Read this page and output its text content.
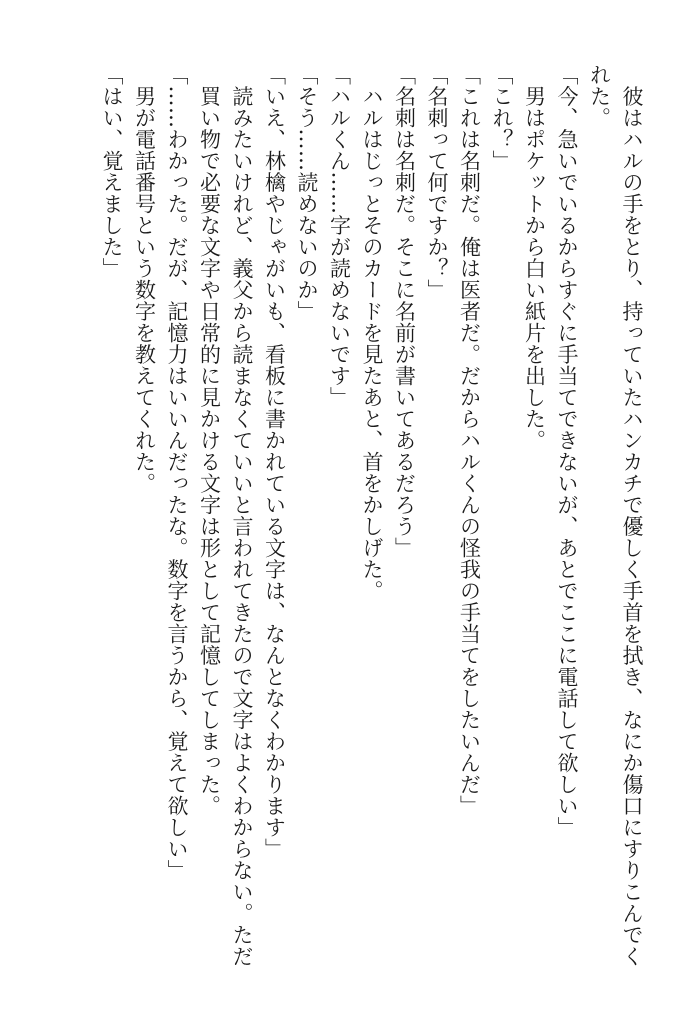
　彼はハルの手をとり、持っていたハンカチで優しく手首を拭き、なにか傷口にすりこんでく
れた。
「今、急いでいるからすぐに手当てできないが、あとでここに電話して欲しい」
　男はポケットから白い紙片を出した。
「これ？」
「これは名刺だ。俺は医者だ。だからハルくんの怪我の手当てをしたいんだ」
「名刺って何ですか？」
「名刺は名刺だ。そこに名前が書いてあるだろう」
　ハルはじっとそのカードを見たあと、首をかしげた。
「ハルくん……字が読めないです」
「そう……読めないのか」
「いえ、林檎やじゃがいも、看板に書かれている文字は、なんとなくわかります」
　読みたいけれど、義父から読まなくていいと言われてきたので文字はよくわからない。ただ
　買い物で必要な文字や日常的に見かける文字は形として記憶してしまった。
「……わかった。だが、記憶力はいいんだったな。数字を言うから、覚えて欲しい」
　男が電話番号という数字を教えてくれた。
「はい、覚えました」
